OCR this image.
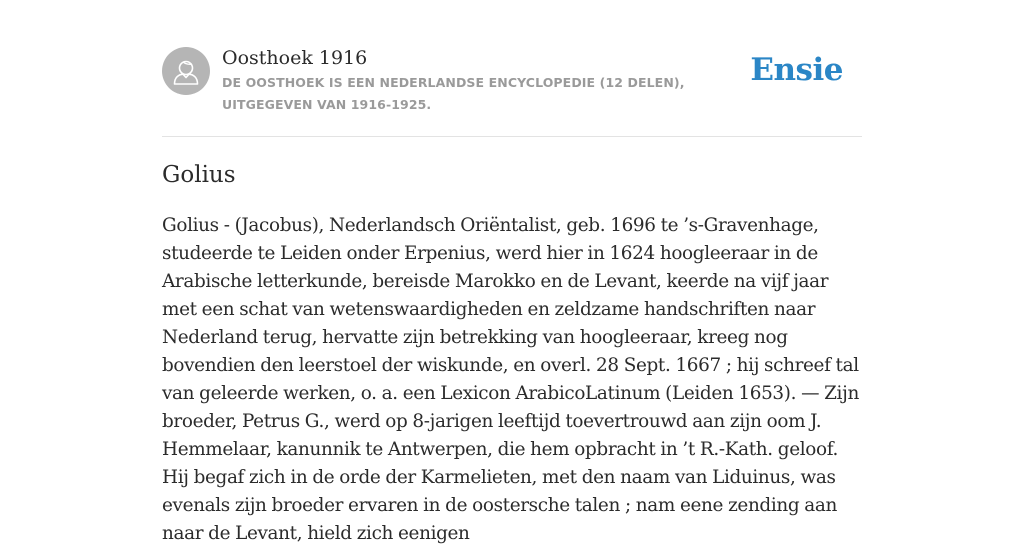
Oosthoek 1916
DE OOSTHOEK IS EEN NEDERLANDSE ENCYCLOPEDIE (12 DELEN), UITGEGEVEN VAN 1916-1925.
Ensie
Golius

Golius - (Jacobus), Nederlandsch Oriëntalist, geb. 1696 te ’s-Gravenhage, studeerde te Leiden onder Erpenius, werd hier in 1624 hoogleeraar in de Arabische letterkunde, bereisde Marokko en de Levant, keerde na vijf jaar met een schat van wetenswaardigheden en zeldzame handschriften naar Nederland terug, hervatte zijn betrekking van hoogleeraar, kreeg nog bovendien den leerstoel der wiskunde, en overl. 28 Sept. 1667 ; hij schreef tal van geleerde werken, o. a. een Lexicon ArabicoLatinum (Leiden 1653). — Zijn broeder, Petrus G., werd op 8-jarigen leeftijd toevertrouwd aan zijn oom J. Hemmelaar, kanunnik te Antwerpen, die hem opbracht in ’t R.-Kath. geloof. Hij begaf zich in de orde der Karmelieten, met den naam van Liduinus, was evenals zijn broeder ervaren in de oostersche talen ; nam eene zending aan naar de Levant, hield zich eenigen
